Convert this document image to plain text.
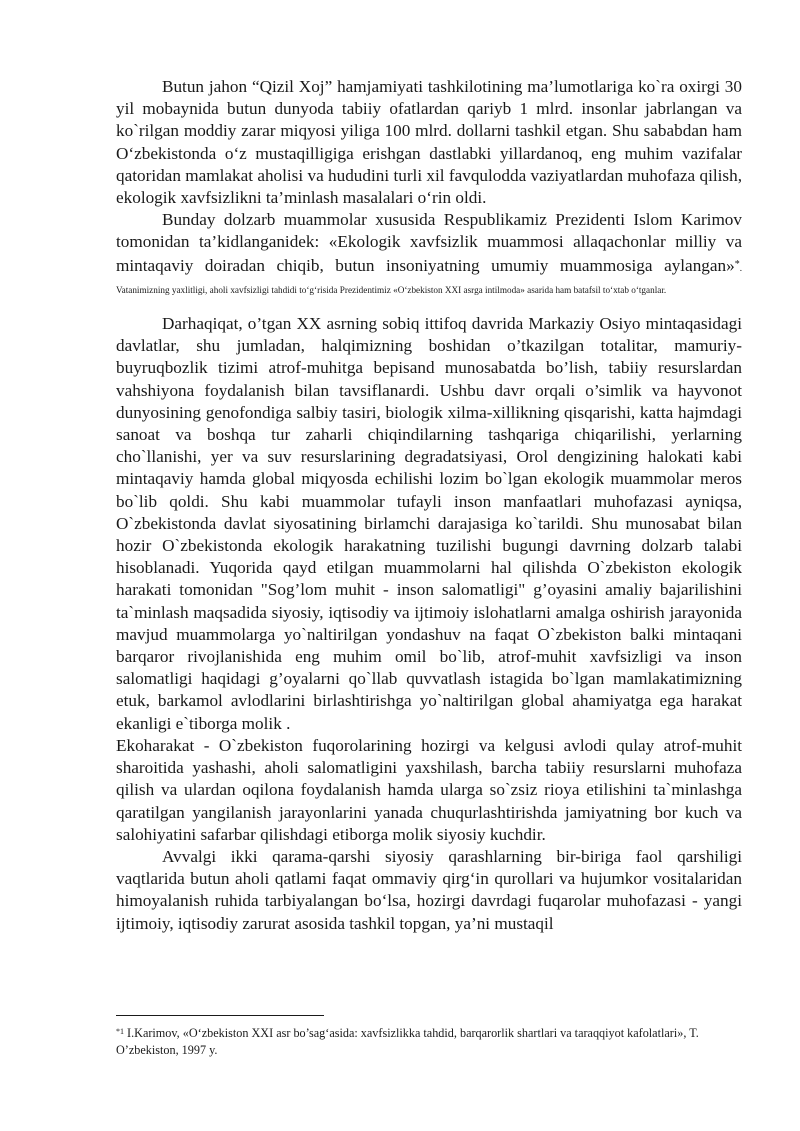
Butun jahon “Qizil Xoj” hamjamiyati tashkilotining ma’lumotlariga ko`ra oxirgi 30 yil mobaynida butun dunyoda tabiiy ofatlardan qariyb 1 mlrd. insonlar jabrlangan va ko`rilgan moddiy zarar miqyosi yiliga 100 mlrd. dollarni tashkil etgan. Shu sababdan ham O‘zbekistonda o‘z mustaqilligiga erishgan dastlabki yillardanoq, eng muhim vazifalar qatoridan mamlakat aholisi va hududini turli xil favqulodda vaziyatlardan muhofaza qilish, ekologik xavfsizlikni ta’minlash masalalari o‘rin oldi.

Bunday dolzarb muammolar xususida Respublikamiz Prezidenti Islom Karimov tomonidan ta’kidlanganidek: «Ekologik xavfsizlik muammosi allaqachonlar milliy va mintaqaviy doiradan chiqib, butun insoniyatning umumiy muammosiga aylangan»*. Vatanimizning yaxlitligi, aholi xavfsizligi tahdidi to‘g‘risida Prezidentimiz «O‘zbekiston XXI asrga intilmoda» asarida ham batafsil to‘xtab o‘tganlar.

Darhaqiqat, o’tgan XX asrning sobiq ittifoq davrida Markaziy Osiyo mintaqasidagi davlatlar, shu jumladan, halqimizning boshidan o’tkazilgan totalitar, mamuriy-buyruqbozlik tizimi atrof-muhitga bepisand munosabatda bo’lish, tabiiy resurslardan vahshiyona foydalanish bilan tavsiflanardi. Ushbu davr orqali o’simlik va hayvonot dunyosining genofondiga salbiy tasiri, biologik xilma-xillikning qisqarishi, katta hajmdagi sanoat va boshqa tur zaharli chiqindilarning tashqariga chiqarilishi, yerlarning cho`llanishi, yer va suv resurslarining degradatsiyasi, Orol dengizining halokati kabi mintaqaviy hamda global miqyosda echilishi lozim bo`lgan ekologik muammolar meros bo`lib qoldi. Shu kabi muammolar tufayli inson manfaatlari muhofazasi ayniqsa, O`zbekistonda davlat siyosatining birlamchi darajasiga ko`tarildi. Shu munosabat bilan hozir O`zbekistonda ekologik harakatning tuzilishi bugungi davrning dolzarb talabi hisoblanadi. Yuqorida qayd etilgan muammolarni hal qilishda O`zbekiston ekologik harakati tomonidan "Sog’lom muhit - inson salomatligi" g’oyasini amaliy bajarilishini ta`minlash maqsadida siyosiy, iqtisodiy va ijtimoiy islohatlarni amalga oshirish jarayonida mavjud muammolarga yo`naltirilgan yondashuv na faqat O`zbekiston balki mintaqani barqaror rivojlanishida eng muhim omil bo`lib, atrof-muhit xavfsizligi va inson salomatligi haqidagi g’oyalarni qo`llab quvvatlash istagida bo`lgan mamlakatimizning etuk, barkamol avlodlarini birlashtirishga yo`naltirilgan global ahamiyatga ega harakat ekanligi e`tiborga molik .

Ekoharakat - O`zbekiston fuqorolarining hozirgi va kelgusi avlodi qulay atrof-muhit sharoitida yashashi, aholi salomatligini yaxshilash, barcha tabiiy resurslarni muhofaza qilish va ulardan oqilona foydalanish hamda ularga so`zsiz rioya etilishini ta`minlashga qaratilgan yangilanish jarayonlarini yanada chuqurlashtirishda jamiyatning bor kuch va salohiyatini safarbar qilishdagi etiborga molik siyosiy kuchdir.

Avvalgi ikki qarama-qarshi siyosiy qarashlarning bir-biriga faol qarshiligi vaqtlarida butun aholi qatlami faqat ommaviy qirg‘in qurollari va hujumkor vositalaridan himoyalanish ruhida tarbiyalangan bo‘lsa, hozirgi davrdagi fuqarolar muhofazasi - yangi ijtimoiy, iqtisodiy zarurat asosida tashkil topgan, ya’ni mustaqil

$^{*1}$ I.Karimov, «O‘zbekiston XXI asr bo’sag‘asida: xavfsizlikka tahdid, barqarorlik shartlari va taraqqiyot kafolatlari», T. O’zbekiston, 1997 y.
